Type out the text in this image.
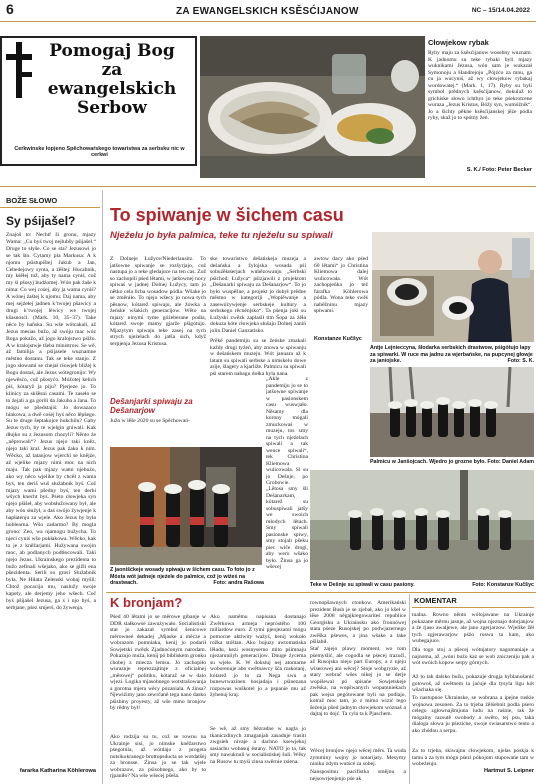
6	ZA EWANGELSKICH KSĚSĆIJANOW	NC – 15/14.04.2022
Pomogaj Bog
za
ewangelskich
Serbow
Cerkwinske łopjeno Spěchowaŕskego towaristwa za serbsku nic w cerkwi
Cłowjekow rybak
Ryby maju za ksěsćijanow wosebny wuznam. K jadnomu su teke rybaki byli mjazy wuknikami Jezusa, wón sam je wukazał Symonoju a Handrejoju „Pójźćo za mnu, ga cu ja wucyniś, až wy cłowjekow rybakaj wordowatej.“ (Mark. 1, 17). Ryby su byli symbol prědnych ksěsćijanow, dokulaž to grichiske słowo ichthys jo teke pśekrotcene wuraza „Jezus Kristus, Bóžy syn, wumóžnik“. Jo a šichty pěkne ksěsćijanskej jěźe pódla ryby, skaž jo to spótny žeń.
S. K./ Foto: Peter Becker
BOŽE SŁOWO
Sy pśijašel?
Znajoš to: Nechtř ši gronu, mjazy Wama: „Cu byś twoj nejlubšy pśijašel.“ Druge to słyše. Co se sta? Jezusowi jo se tak što. Cytamy pla Markusa: A k njomu pśistupištej Jakub a Jan, Cebedejowy synta, a źěštej: Hucabnik, my kśěłej tuž, aby ty nama cyniś, což my śi pšosyj budźomej. Wón pak źaše k nima: Co wej cośej, aby ja wama cyniś? A wónej źaštej k njomu: Daj nama, aby mej sejźełej jadnen k’twojej pšawicy a drugi k’twojej lěwicy we twojej kšasnosći. (Mark. 10, 35–37). Take něco by haňska. Su wše wótcakali, až Jezus mesias bužo, až swóju mac wóz Boga pokažo, až jogo kralojstwo pśižo. A w kralojstwje tšeba ministrow. Se wě, až familija a pśijaśele wuznamne městno dostanu. Tak se teke stanjo. Z jogo słowami se chejał cłowjek bližej k Bogu dostaś, ale Jezus wótegronijo: Wy njewěsćo, což pšosyćo. Móžotej kelich piś, kótaryž ja piju? Pjerjeze jo. To klinicy za skšěsni casami. Te zaseło se to źejali a ga gorili da Jakuba a Jana. To mógu se pšedstajiś: Jo dowazaco hinkowa, a dwě cośej hyś něco lěpšego. Su te druge šeptakojce hukchilu? Gaby Jezus tych, by te wjelgin gniwali. Kak dłujko su z Jezusom chozyli? Něnto źe „něprowali“? Jezus njejo taki kněz, njejo taki kral. Jezus pak źako k nim. Wěcko, až tatanjow wjerchi se knějźe, až wjelike mjazy nimi moc na nich maju. Tak pak mjazy wami njebuźo, ako wy něco wjelike by chcěł z wama byś, ten deriš wuš słužabnik byś. Což mjazy wami pšedny byś, ten derbi wšych knecht byś. Pśeto cłowjeka syn njejo pšišeł, aby wobsłužowany był, ale aby wón słužył, a daś swójo žywjenje k hapłatenju za wjele. Ako Jezus by była hoblearna. Wšo zadarmo? By mogla grono: Zeo, wa njamogu bužycha. To njeci cyniś wšo pokłakowa. Wěcko, kak to je z kněžarjami. Hužywana swojin moc, ab podlanych podtłocowali. Taki njejo Jezus. Ukrainskego prezidenta to bužo zefinali wšejako, ako se gižli ena pšezidenta. Serili so grosi Služabnik była. Ne Hiłata Zelenski wobaj myšli: Chtož pocacija mu, naslužy swoje kapety, ale derjemy jeho wšech. Coč byś pšijašel Jezusa, ga ś i njo byś, a serbjane, pśez smjerś, do žywenja.
fararka Katharina Köhlerowa
To spiwanje w šichem casu
Nježelu jo była palmica, teke tu nježelu su spiwali
Z Dolneje Łužyce/Niederlausitz. To jatšowne spiwanje se rozšyrjajo, což nastupa jo a teke gledajuce na ten cas. Zož so zachopili pśed lětami, w jatšownej nocy spiwaś w jadnej Dolnej Łužycy, tam jo nětko cela licba wosadow pódla. Wšake jo se změniło. To njejo wšecy jo nowa tych pěsnow, kótarež spiwaju, ale žowka a žeńske wšakich generacijow. Wěto na mjazy ninymi tyme góźeberane podla, kótarež swoje mamy gjarže pšigótujo. Mjazytym spiwaju teke zasej na tych strych njeźelach do jatša sich, když serpjenja Jezusa Kristusa.
Dešanjarki spiwaju za Dešanarjow
Južo w lěše 2020 su se Spěchowań-
ske towaristwo dešańskeja muzeja a dešańska a žylojska wosada pśi sobuźěłaśerjach wubězowanju „Serbski pśichod: Łužyca“ pśizjawili z projektom „Dešanarki spiwaju za Dešanarjow“. To jo było wuspěšne, a projekt jo dobył prědne městno w kategoriji „Wopiěwanje a zasewóżywjenje serbskeje kultury a serbskego rěcnénjsko“. Ta pśenja joki su Łužyski zwězk zaplaśił tim Šopa za źěła dokuza kóte cłowjeka słušaju Dolnej zaniń jolin Daniel Ganzatisko.
Prěkě pandemiju su se žeńske zmakali každy drugi tyźeń, aby znowa w spiwanju w dešańskem muzeju. Wót januara až k latam su spiwali serbske a nimskelu dowe arije, šlagery a kjarliže. Palmicu su spiwali pśi starem nabagu dołka hyla nana.
„Akle z pandemiju jo se to jatšowne spiwanje w pasionskem casu wuswjało. Něsamy dla korony mógali zmuckowaś w muzeju, tos smy na tych njeźelach spiwali a tak wence spiwali“, tek Christina Kliemowa wulicowala. Sl su jo Dešnje, po Grobowje,
„Lětosa smy šli Dešanarkam, kótarež su sobuspiwali jatšy we swoich młodych lětach. Smy spiwali pasionske spiwy, smy stojali pšeku piec wiče drogi, aby wero wšako było. Žinsa ga jo wšecej
awtow dacy ako pśed 60 lětami“ jo Christina Kliemowa dalej wulicowała. Wót zachopjeńka jo tež farařka Köhlerowa pódla. Wona teke swěś naběžninu mjazy spiwami.
Konstanze Kučšyc
Antje Lejnieccyna, šłodarka serbskich drastwow, pśigótujo lapy za spiwarki. W ruce ma jadnu za wjerbańske, na pupcynej głowje za janiojske.	Foto: S. K.
Palmicu w Janšojcach. Wjedro jo grozne było. Foto: Daniel Adam
Teke w Dešnje su spiwali w casu pasiony.	Foto: Konstanze Kučšyc
Z jaonišćkeje wosady spiwaju w šichem casu. To foto jo z Mósta wót jadneje njeźele do palmice, což jo wiźeś na drastwach.	Foto: andra Rašowa
K bronjam?
Pśed 40 lětami jo se měrowe gibanje w DDR stałkowsé zawużywało. Socialistiski stat jo zakazał symbol šenicowe měrowneé dekadej „Mjaske a měcze a wobrazom pomniaka, kenij jo podarił Sowjetski zwězk Zjadnoćonym narodam. Pokazujo muža, kenij pó bibliskem gronku chobej z miecza lemsu. Jo zachopiło wuraznje reprezzajtinje z oficialnej „měrowej“ politiku, kótaraž se w dalo wjezi. Logika mjasobnego wotstrašowanja a gnrotna mjera wěcy pózaniala. A źinsa? Njewiźimy jano zewrčaně tega nano dasko pśisbiny proyesty, až wše mmo bronjow by rědny był!
Ako rodzija su tu, což se rownu na Ukrainje sisi, jo nimske kněžarstwo pśegotula, až wótdajo z progeta nutsikokranego bruttopsducta se wotdatšéj za bronsse. Źinsa jo se tak wjele wobrazow, za pśisobnego, ako by to rjpaniło? Na wše wšecej pšeša.
Ako namětnu napisana dostanajo Zwěrkowa armeja nepróstého 100 miliardow euro. Z tymi pjenjezami mógu pomocne aktiwity wažyś, kenij wokoło rožka stóštan. Ako bujuzy awtomatiska lěładu, kezi wosnyserno mito pśimnaju njezaruniiyh generacijow. Dnuge źycema su wjele. K. W dokstuj nej atomarne woborenuje abo swětnawcy šča rzakotanj, kótarež jo to za Nega swu a bunewrwazinen hosjadaja i pśinezana rozpowas wuškotel jo a pspanie mu až žyhenuj kraj.
Se wě, až smy bězradne w nagla jo tkaniczdinych zmaganjah zasadnje trasiti zwgsieh nivaje a dachno ksewjekoj sasiachu wobasuj ěstany. NATO jo ta, tak smy nawuknuli w socialistiskej šuli. Wěsy na Rusow tu myśi zinsa swěrnie zsiena.
rownopšawnych ctonkow. Amerikański prezident Bush je se zjebał, ako jo kšeł w lěse 2008 něgajkregowariteś republice Georgisku a Ukrainsku ako fronnówej stata pśeze Rusojskej po podwjazernego zwěška pšewes, a jina wšake a take pšilabił.
Stař zajejo plawy moment, wo tom pśemyślić, ale cogodla se pśecej trazuči, až Rusojska niejo part Europy, a z njeju wiserowej ani wěcej? Stoje wobgryzie, až stary webrač wšes nikej jo se derje wopišewal pó spisańe Sowjetskeje zwěska, na wopšwanych wopamniekach pak wejsa pegótowane byli na podlajo, kotraž moc tam, jo z mimo wizić tego šeźenja pšed jadnym cłowjekom wóznaš a dajtaj to dojć. Ta cyla ta k Pjaschem.
Wěcej bronjow njejo wěcej měrs. Ta wuda zymminy wojny jo notarijaty. Mesymy niniku zdym wutścé za sobej.
Nanspositnu pacifistka smějnu a nejsowrjenjenjo pśe ak
KOMENTAR
tualna. Rowno něnto wólojawane na Ukrainje pokazane měrnu jasnje, až wojna njeznajo dobrjanjow a źe rjaso awaljewe, ale jano zgerjarzow. Wjelike žěł tych zgjerawarjow pśźo roswa ta kam, ako wubegajuce.
Dla togo stoj a pšecej wótnjatory nagomaniaje a najnoma, až „wóni buźo kaz se wob zniczeniju pak a wót swóich kopow serpy górnych.
Až to tak dalsko bužu, pokazuje drugja hyblanošanić gotowoš, až swětnem ta jaćuje dla tysyla ligu kót wšachaka się.
To nastupnoe Ukrainske, se wobrana a ipejne ruskie wojnowa zesonen. Za to trjeba źělśebnit podla pśero celego zgłownajšmjuna ludu na ruśnie, tak že mógalny razsutě swobody a swěto, tej psu, taká dialoga słowa ju pśezicne, swoje swiasarstwo tento a ako zhódnu a serpu.
Za to trjeba, skiwajnu cłowjekom, njelas póskja k tamu a za tym mógu pśezi pókojom stupowańe tam w wobeżenju.
Hartmut S. Leipner
